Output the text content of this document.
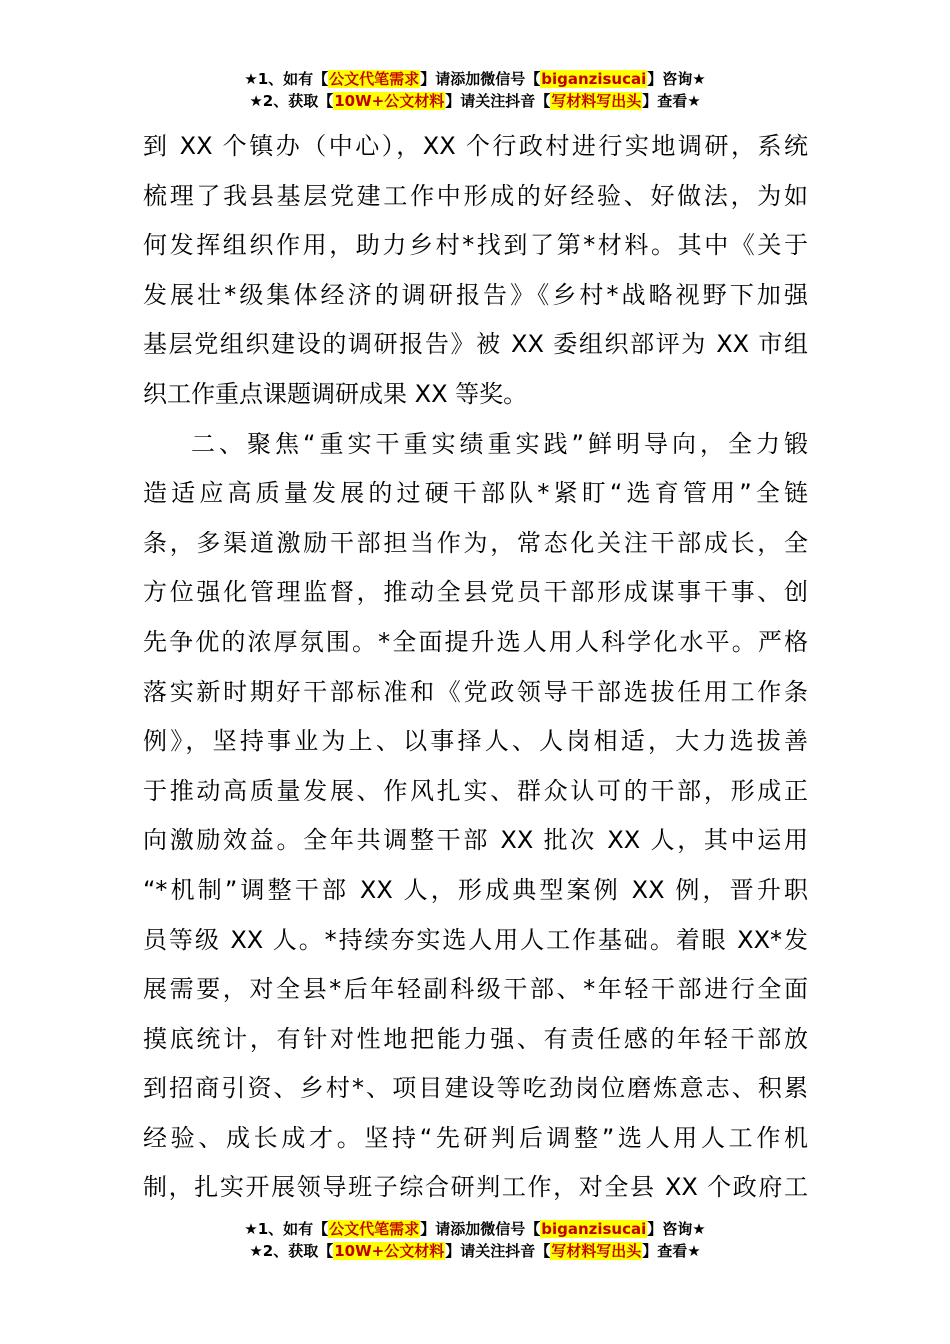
★1、如有【公文代笔需求】请添加微信号【biganzisucai】咨询★
★2、获取【10W+公文材料】请关注抖音【写材料写出头】查看★

到 XX 个镇办（中心），XX 个行政村进行实地调研，系统
梳理了我县基层党建工作中形成的好经验、好做法，为如
何发挥组织作用，助力乡村*找到了第*材料。其中《关于
发展壮*级集体经济的调研报告》《乡村*战略视野下加强
基层党组织建设的调研报告》被 XX 委组织部评为 XX 市组
织工作重点课题调研成果 XX 等奖。

二、聚焦“重实干重实绩重实践”鲜明导向，全力锻
造适应高质量发展的过硬干部队*紧盯“选育管用”全链
条，多渠道激励干部担当作为，常态化关注干部成长，全
方位强化管理监督，推动全县党员干部形成谋事干事、创
先争优的浓厚氛围。*全面提升选人用人科学化水平。严格
落实新时期好干部标准和《党政领导干部选拔任用工作条
例》，坚持事业为上、以事择人、人岗相适，大力选拔善
于推动高质量发展、作风扎实、群众认可的干部，形成正
向激励效益。全年共调整干部 XX 批次 XX 人，其中运用
“*机制”调整干部 XX 人，形成典型案例 XX 例，晋升职
员等级 XX 人。*持续夯实选人用人工作基础。着眼 XX*发
展需要，对全县*后年轻副科级干部、*年轻干部进行全面
摸底统计，有针对性地把能力强、有责任感的年轻干部放
到招商引资、乡村*、项目建设等吃劲岗位磨炼意志、积累
经验、成长成才。坚持“先研判后调整”选人用人工作机
制，扎实开展领导班子综合研判工作，对全县 XX 个政府工

★1、如有【公文代笔需求】请添加微信号【biganzisucai】咨询★
★2、获取【10W+公文材料】请关注抖音【写材料写出头】查看★
